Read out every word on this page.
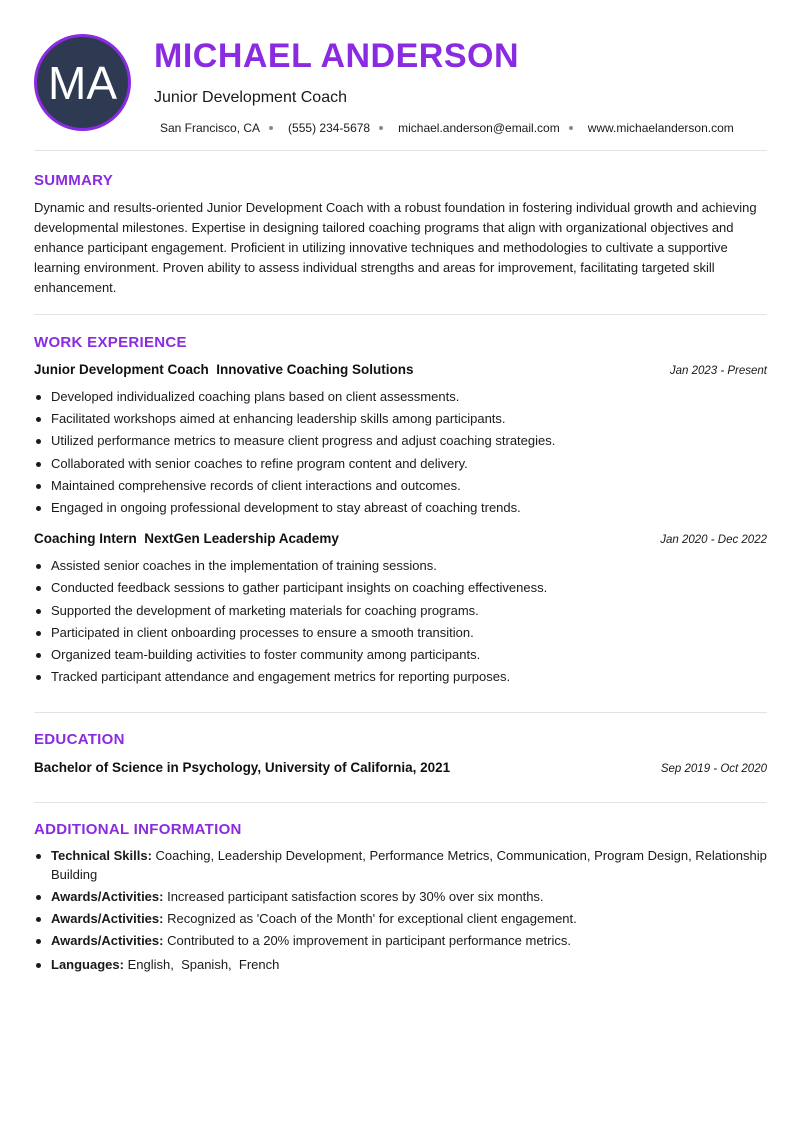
MA
MICHAEL ANDERSON
Junior Development Coach
San Francisco, CA (555) 234-5678 michael.anderson@email.com www.michaelanderson.com
SUMMARY

Dynamic and results-oriented Junior Development Coach with a robust foundation in fostering individual growth and achieving developmental milestones. Expertise in designing tailored coaching programs that align with organizational objectives and enhance participant engagement. Proficient in utilizing innovative techniques and methodologies to cultivate a supportive learning environment. Proven ability to assess individual strengths and areas for improvement, facilitating targeted skill enhancement.

WORK EXPERIENCE
Junior Development Coach  Innovative Coaching Solutions	Jan 2023 - Present
Developed individualized coaching plans based on client assessments.
Facilitated workshops aimed at enhancing leadership skills among participants.
Utilized performance metrics to measure client progress and adjust coaching strategies.
Collaborated with senior coaches to refine program content and delivery.
Maintained comprehensive records of client interactions and outcomes.
Engaged in ongoing professional development to stay abreast of coaching trends.
Coaching Intern  NextGen Leadership Academy	Jan 2020 - Dec 2022
Assisted senior coaches in the implementation of training sessions.
Conducted feedback sessions to gather participant insights on coaching effectiveness.
Supported the development of marketing materials for coaching programs.
Participated in client onboarding processes to ensure a smooth transition.
Organized team-building activities to foster community among participants.
Tracked participant attendance and engagement metrics for reporting purposes.
EDUCATION
Bachelor of Science in Psychology, University of California, 2021	Sep 2019 - Oct 2020
ADDITIONAL INFORMATION
Technical Skills: Coaching, Leadership Development, Performance Metrics, Communication, Program Design, Relationship Building
Awards/Activities: Increased participant satisfaction scores by 30% over six months.
Awards/Activities: Recognized as 'Coach of the Month' for exceptional client engagement.
Awards/Activities: Contributed to a 20% improvement in participant performance metrics.
Languages: English,  Spanish,  French
